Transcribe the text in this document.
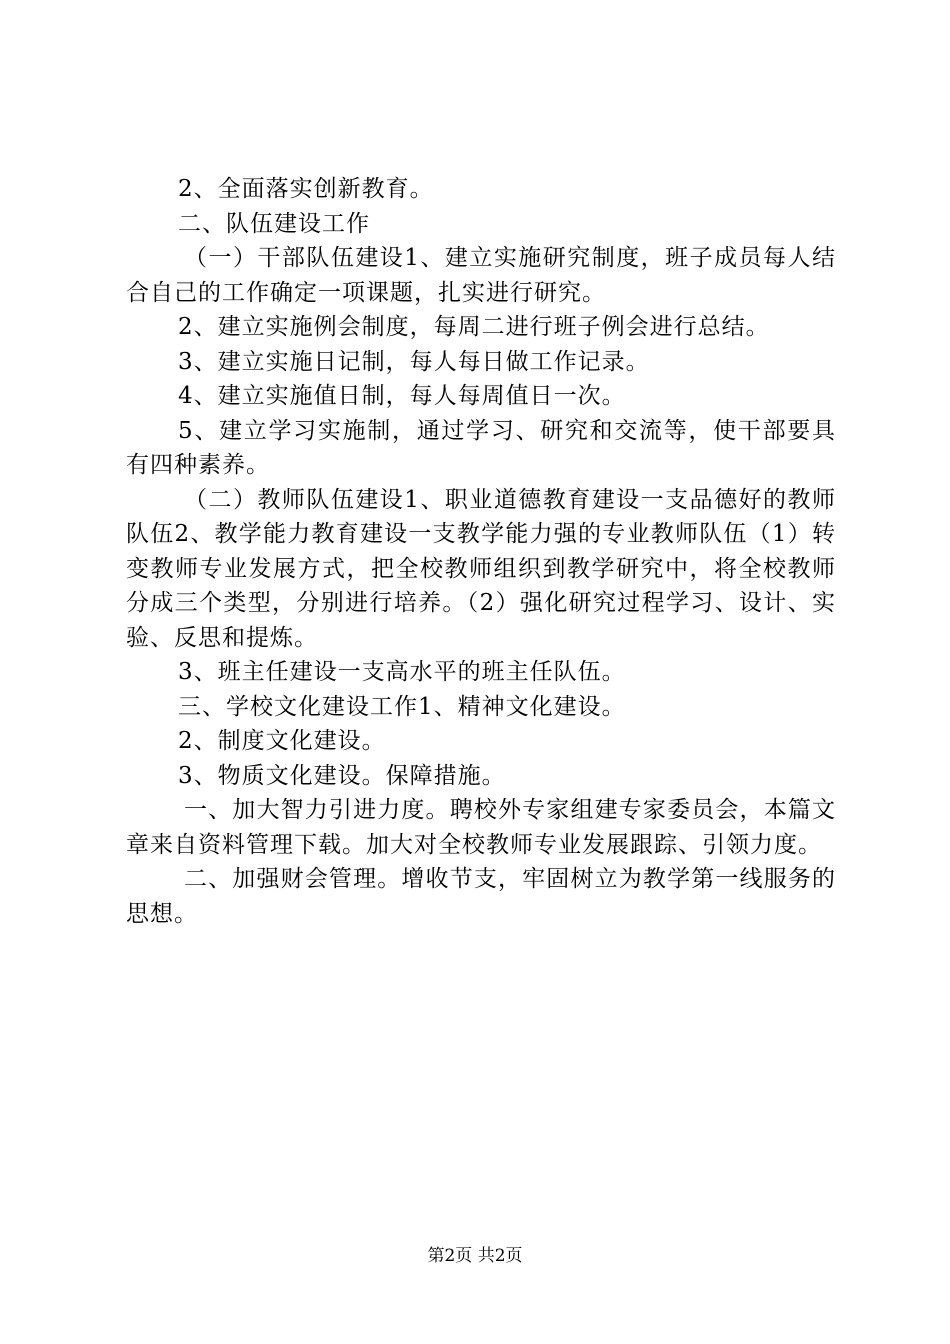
2、全面落实创新教育。

二、队伍建设工作

（一）干部队伍建设1、建立实施研究制度，班子成员每人结合自己的工作确定一项课题，扎实进行研究。

2、建立实施例会制度，每周二进行班子例会进行总结。

3、建立实施日记制，每人每日做工作记录。

4、建立实施值日制，每人每周值日一次。

5、建立学习实施制，通过学习、研究和交流等，使干部要具有四种素养。

（二）教师队伍建设1、职业道德教育建设一支品德好的教师队伍2、教学能力教育建设一支教学能力强的专业教师队伍（1）转变教师专业发展方式，把全校教师组织到教学研究中，将全校教师分成三个类型，分别进行培养。（2）强化研究过程学习、设计、实验、反思和提炼。

3、班主任建设一支高水平的班主任队伍。

三、学校文化建设工作1、精神文化建设。

2、制度文化建设。

3、物质文化建设。保障措施。

一、加大智力引进力度。聘校外专家组建专家委员会，本篇文章来自资料管理下载。加大对全校教师专业发展跟踪、引领力度。

二、加强财会管理。增收节支，牢固树立为教学第一线服务的思想。

第2页 共2页
